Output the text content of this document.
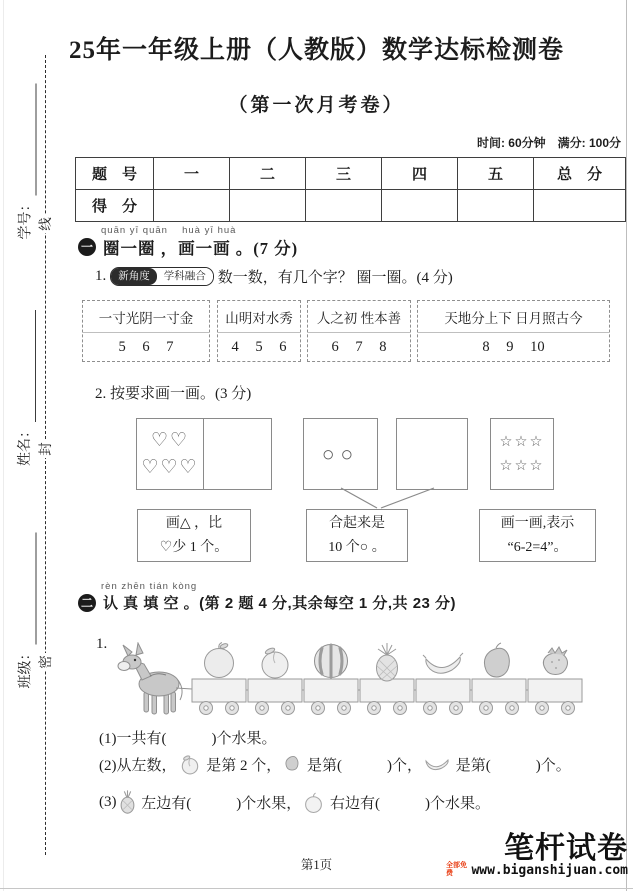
学号：
姓名：
班级：
线
封
密
25年一年级上册（人教版）数学达标检测卷
（第一次月考卷）
时间: 60分钟　满分: 100分
题　号	一	二	三	四	五	总　分
得　分						
quān yī quān　 huà yī huà
一 圈一圈 ，画一画 。(7 分)
1.	新角度	学科融合 数一数，有几个字？ 圈一圈。(4 分)
一寸光阴一寸金
5 6 7
山明对水秀
4 5 6
人之初 性本善
6 7 8
天地分上下 日月照古今
8 9 10
2. 按要求画一画。(3 分)
♡♡
♡♡♡
○○	☆☆☆
☆☆☆
画△ ，比
♡少 1 个。
合起来是
10 个○ 。
画一画,表示
“6-2=4”。
rèn zhēn tián kòng
二 认 真 填 空 。(第 2 题 4 分,其余每空 1 分,共 23 分)
1.
(1)一共有(　　　)个水果。
(2)从左数， 是第 2 个， 是第(　　　)个， 是第(　　　)个。
(3) 左边有(　　　)个水果， 右边有(　　　)个水果。
第1页	笔杆试卷
全部免费	www.biganshijuan.com
